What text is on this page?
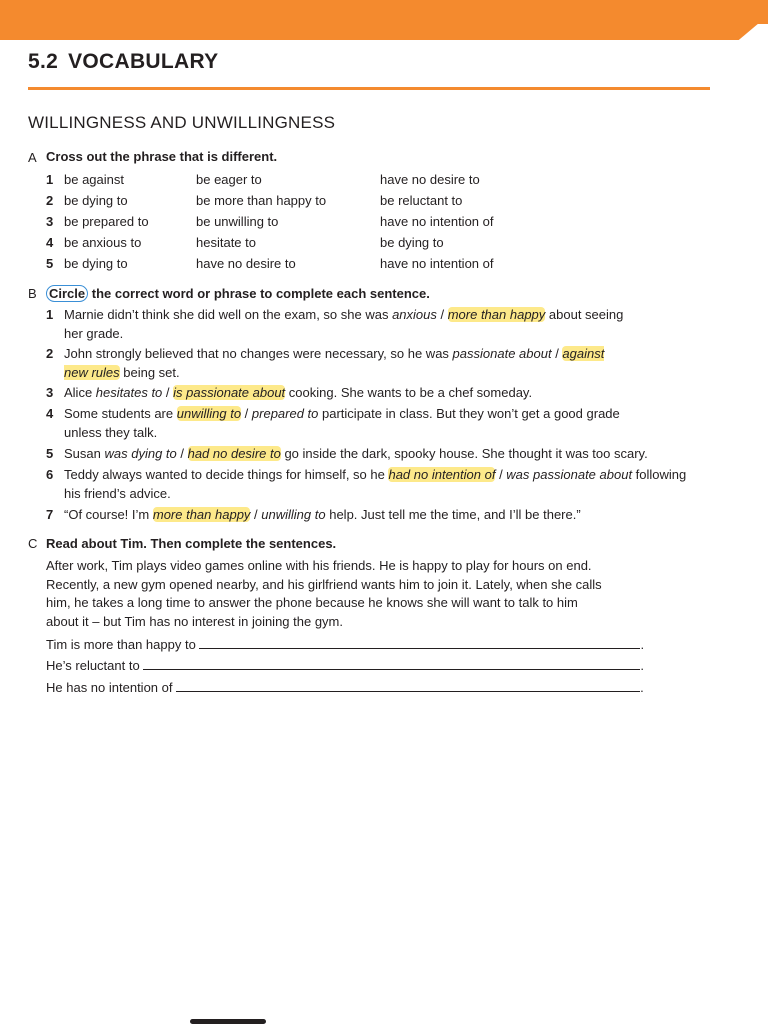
5.2 VOCABULARY
WILLINGNESS AND UNWILLINGNESS
A Cross out the phrase that is different.
1 be against	be eager to	have no desire to
2 be dying to	be more than happy to	be reluctant to
3 be prepared to	be unwilling to	have no intention of
4 be anxious to	hesitate to	be dying to
5 be dying to	have no desire to	have no intention of
B Circle the correct word or phrase to complete each sentence.
1 Marnie didn’t think she did well on the exam, so she was anxious / more than happy about seeing her grade.
2 John strongly believed that no changes were necessary, so he was passionate about / against new rules being set.
3 Alice hesitates to / is passionate about cooking. She wants to be a chef someday.
4 Some students are unwilling to / prepared to participate in class. But they won’t get a good grade unless they talk.
5 Susan was dying to / had no desire to go inside the dark, spooky house. She thought it was too scary.
6 Teddy always wanted to decide things for himself, so he had no intention of / was passionate about following his friend’s advice.
7 “Of course! I’m more than happy / unwilling to help. Just tell me the time, and I’ll be there.”
C Read about Tim. Then complete the sentences.
After work, Tim plays video games online with his friends. He is happy to play for hours on end.
Recently, a new gym opened nearby, and his girlfriend wants him to join it. Lately, when she calls
him, he takes a long time to answer the phone because he knows she will want to talk to him
about it – but Tim has no interest in joining the gym.
Tim is more than happy to	.
He’s reluctant to	.
He has no intention of	.
